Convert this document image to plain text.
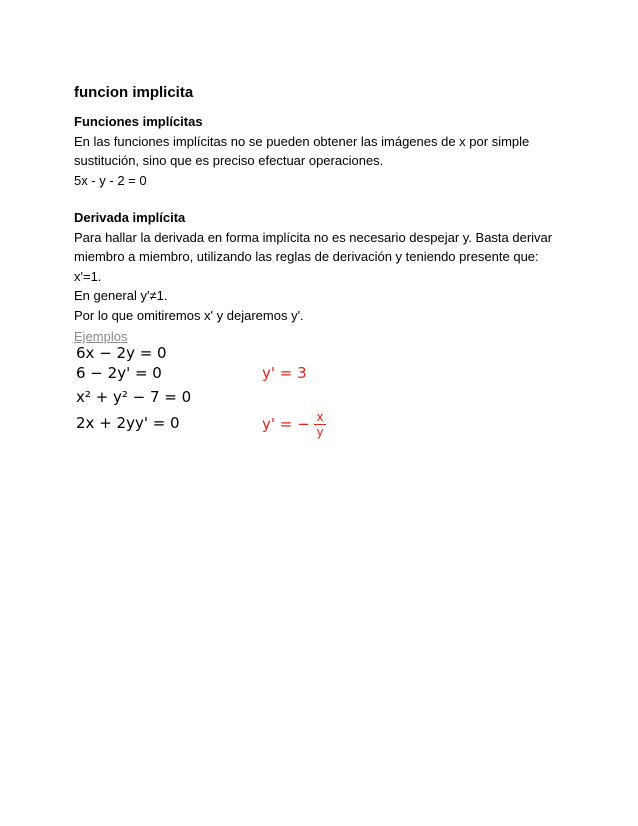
funcion implicita
Funciones implícitas
En las funciones implícitas no se pueden obtener las imágenes de x por simple
sustitución, sino que es preciso efectuar operaciones.
5x - y - 2 = 0
Derivada implícita
Para hallar la derivada en forma implícita no es necesario despejar y. Basta derivar
miembro a miembro, utilizando las reglas de derivación y teniendo presente que:
x'=1.
En general y'≠1.
Por lo que omitiremos x' y dejaremos y'.
Ejemplos
6x − 2y = 0
6 − 2y' = 0	y' = 3
x² + y² − 7 = 0
2x + 2yy' = 0	y' = − $\frac{x}{y}$
